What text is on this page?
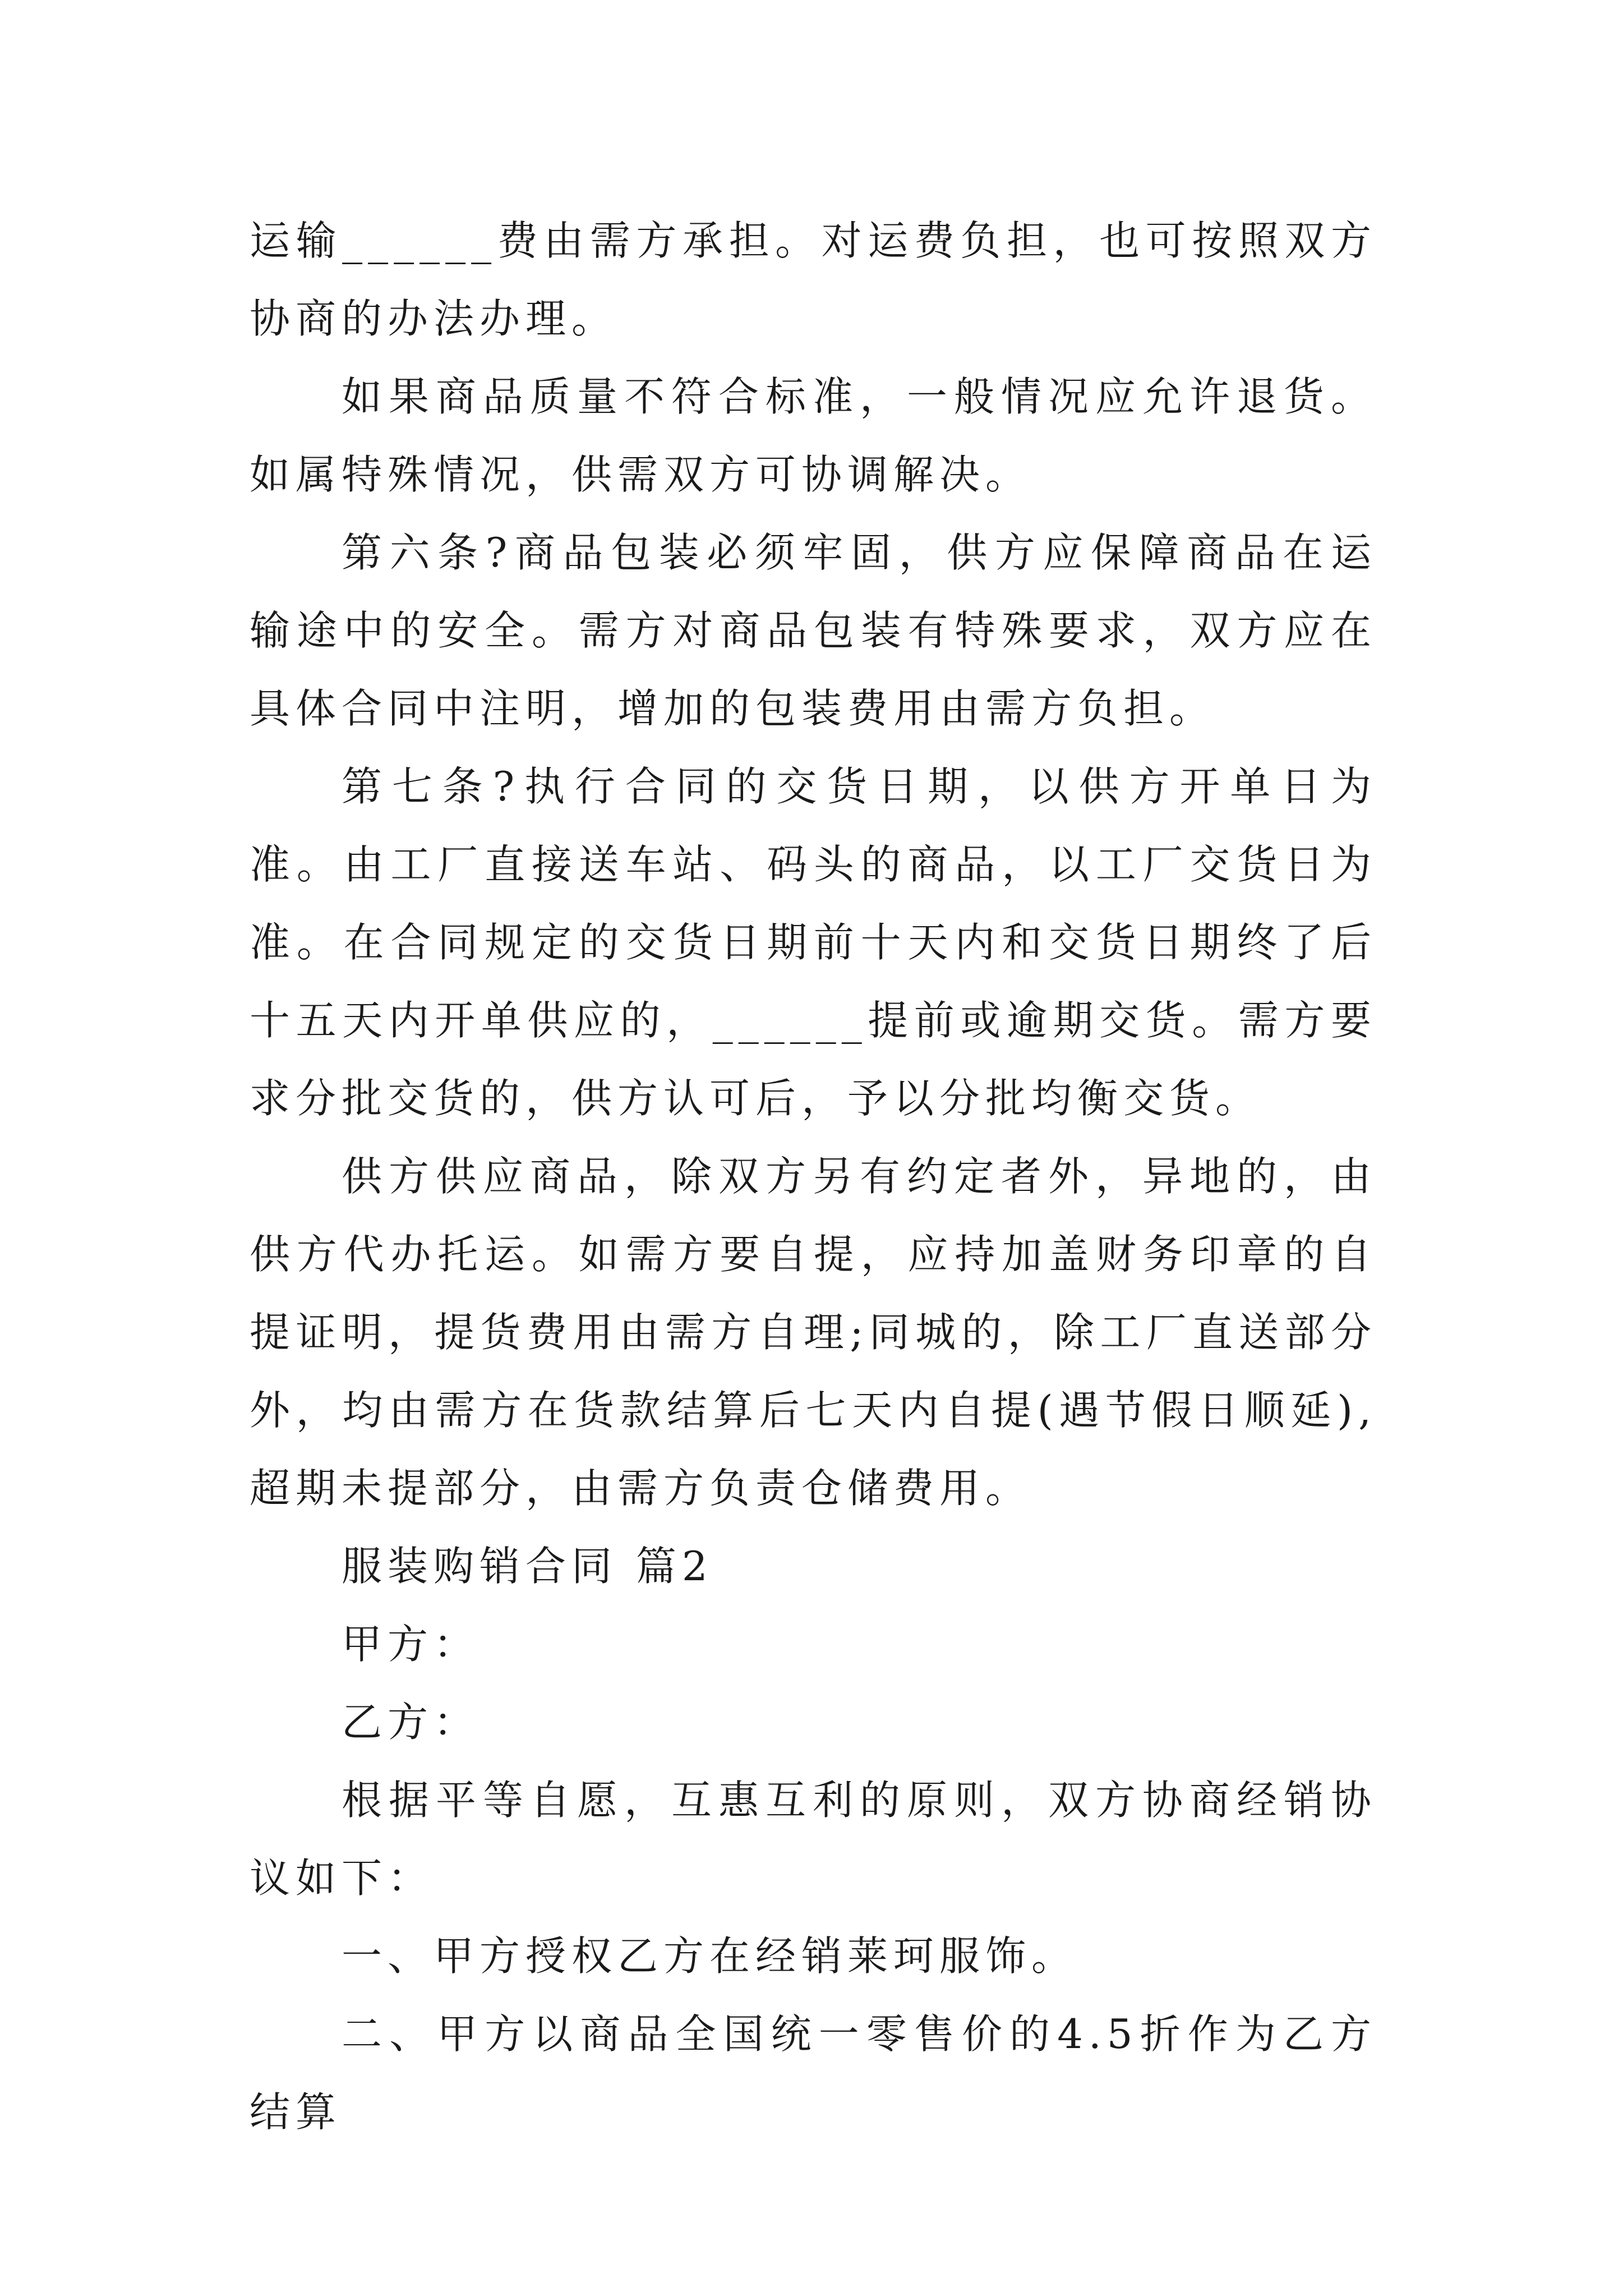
运输______费由需方承担。对运费负担，也可按照双方协商的办法办理。

如果商品质量不符合标准，一般情况应允许退货。如属特殊情况，供需双方可协调解决。

第六条?商品包装必须牢固，供方应保障商品在运输途中的安全。需方对商品包装有特殊要求，双方应在具体合同中注明，增加的包装费用由需方负担。

第七条?执行合同的交货日期，以供方开单日为准。由工厂直接送车站、码头的商品，以工厂交货日为准。在合同规定的交货日期前十天内和交货日期终了后十五天内开单供应的，______提前或逾期交货。需方要求分批交货的，供方认可后，予以分批均衡交货。

供方供应商品，除双方另有约定者外，异地的，由供方代办托运。如需方要自提，应持加盖财务印章的自提证明，提货费用由需方自理;同城的，除工厂直送部分外，均由需方在货款结算后七天内自提(遇节假日顺延),超期未提部分，由需方负责仓储费用。

服装购销合同 篇2

甲方：

乙方：

根据平等自愿，互惠互利的原则，双方协商经销协议如下：

一、甲方授权乙方在经销莱珂服饰。

二、甲方以商品全国统一零售价的4.5折作为乙方结算
